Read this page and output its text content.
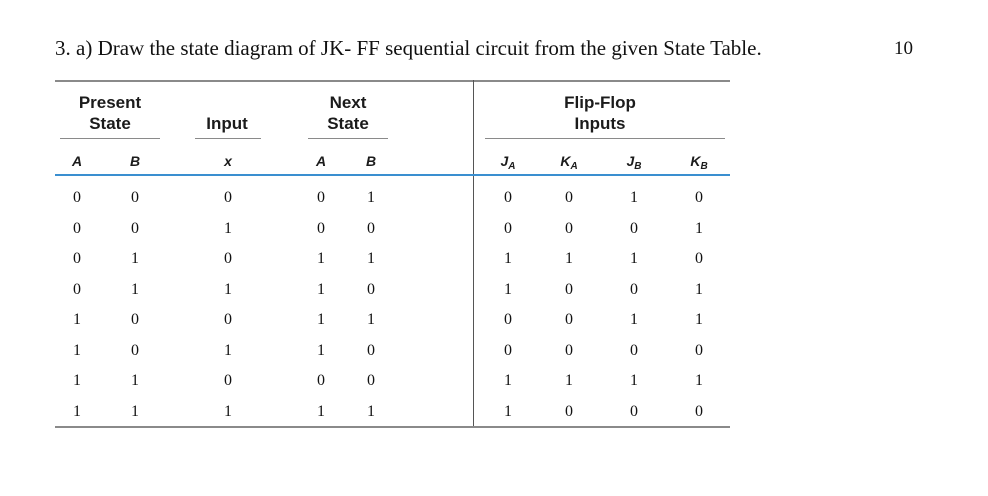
3. a) Draw the state diagram of JK- FF sequential circuit from the given State Table.	10
Present
State	Input
Next
State
Flip-Flop
Inputs
A	B	x	A	B	$J_A$	$K_A$	$J_B$	$K_B$
0	0	0	0	1	0	0	1	0
0	0	1	0	0	0	0	0	1
0	1	0	1	1	1	1	1	0
0	1	1	1	0	1	0	0	1
1	0	0	1	1	0	0	1	1
1	0	1	1	0	0	0	0	0
1	1	0	0	0	1	1	1	1
1	1	1	1	1	1	0	0	0
